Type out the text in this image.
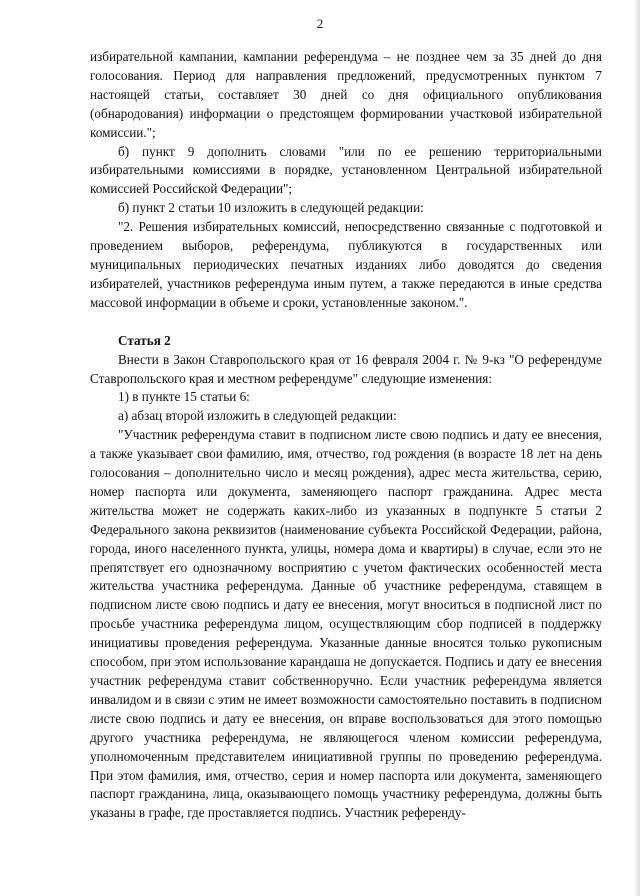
2

избирательной кампании, кампании референдума – не позднее чем за 35 дней до дня голосования. Период для направления предложений, предусмотренных пунктом 7 настоящей статьи, составляет 30 дней со дня официального опубликования (обнародования) информации о предстоящем формировании участковой избирательной комиссии.";

б) пункт 9 дополнить словами "или по ее решению территориальными избирательными комиссиями в порядке, установленном Центральной избирательной комиссией Российской Федерации";

б) пункт 2 статьи 10 изложить в следующей редакции:

"2. Решения избирательных комиссий, непосредственно связанные с подготовкой и проведением выборов, референдума, публикуются в государственных или муниципальных периодических печатных изданиях либо доводятся до сведения избирателей, участников референдума иным путем, а также передаются в иные средства массовой информации в объеме и сроки, установленные законом.".

Статья 2

Внести в Закон Ставропольского края от 16 февраля 2004 г. № 9-кз "О референдуме Ставропольского края и местном референдуме" следующие изменения:

1) в пункте 15 статьи 6:

а) абзац второй изложить в следующей редакции:

"Участник референдума ставит в подписном листе свою подпись и дату ее внесения, а также указывает свои фамилию, имя, отчество, год рождения (в возрасте 18 лет на день голосования – дополнительно число и месяц рождения), адрес места жительства, серию, номер паспорта или документа, заменяющего паспорт гражданина. Адрес места жительства может не содержать каких-либо из указанных в подпункте 5 статьи 2 Федерального закона реквизитов (наименование субъекта Российской Федерации, района, города, иного населенного пункта, улицы, номера дома и квартиры) в случае, если это не препятствует его однозначному восприятию с учетом фактических особенностей места жительства участника референдума. Данные об участнике референдума, ставящем в подписном листе свою подпись и дату ее внесения, могут вноситься в подписной лист по просьбе участника референдума лицом, осуществляющим сбор подписей в поддержку инициативы проведения референдума. Указанные данные вносятся только рукописным способом, при этом использование карандаша не допускается. Подпись и дату ее внесения участник референдума ставит собственноручно. Если участник референдума является инвалидом и в связи с этим не имеет возможности самостоятельно поставить в подписном листе свою подпись и дату ее внесения, он вправе воспользоваться для этого помощью другого участника референдума, не являющегося членом комиссии референдума, уполномоченным представителем инициативной группы по проведению референдума. При этом фамилия, имя, отчество, серия и номер паспорта или документа, заменяющего паспорт гражданина, лица, оказывающего помощь участнику референдума, должны быть указаны в графе, где проставляется подпись. Участник референду-
